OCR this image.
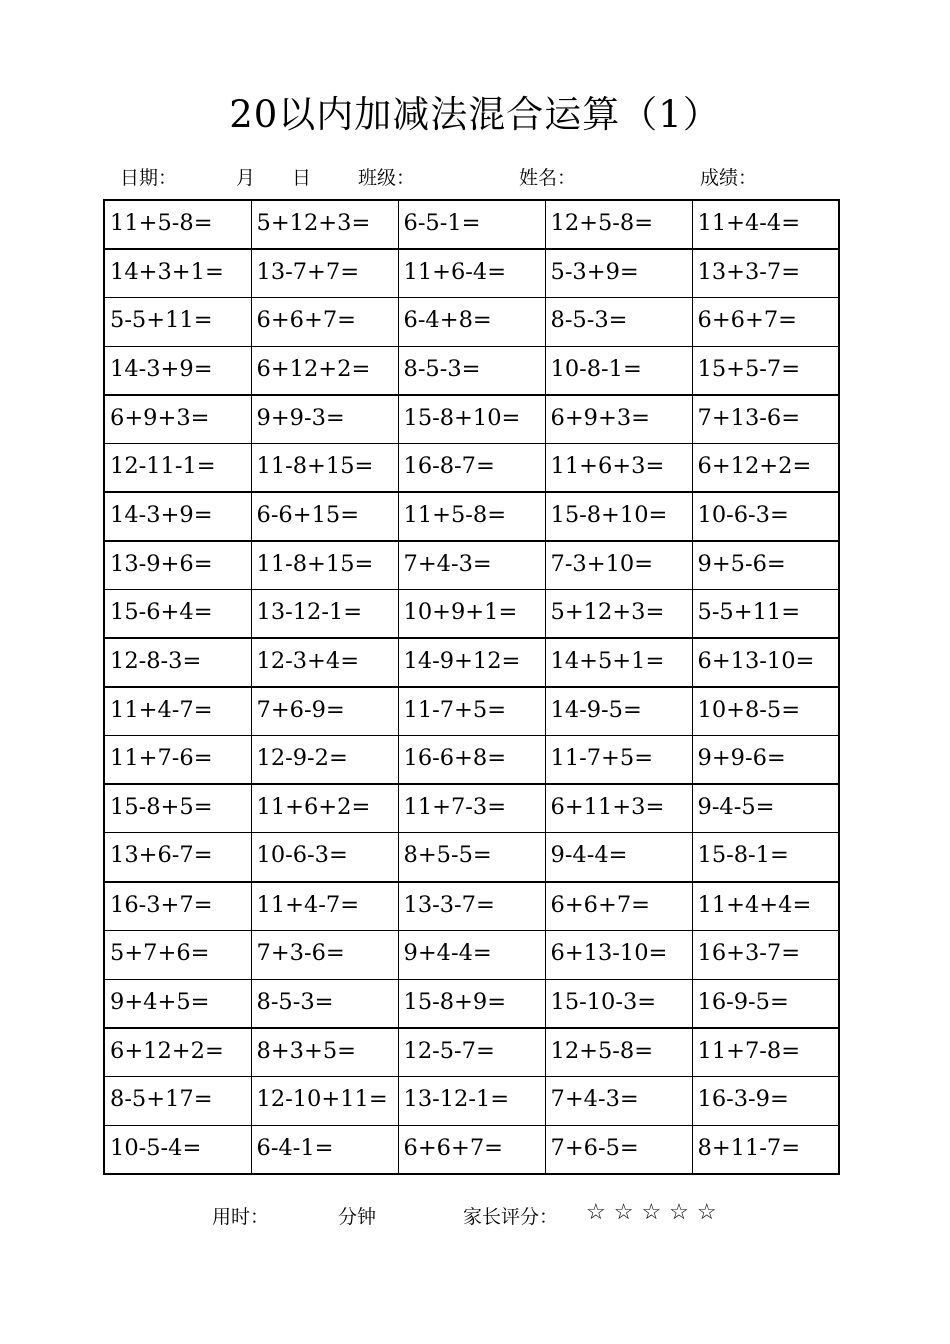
20以内加减法混合运算（1）
日期：	月 日 班级：	姓名：	成绩：
11+5-8=	5+12+3=	6-5-1=	12+5-8=	11+4-4=
14+3+1=	13-7+7=	11+6-4=	5-3+9=	13+3-7=
5-5+11=	6+6+7=	6-4+8=	8-5-3=	6+6+7=
14-3+9=	6+12+2=	8-5-3=	10-8-1=	15+5-7=
6+9+3=	9+9-3=	15-8+10=	6+9+3=	7+13-6=
12-11-1=	11-8+15=	16-8-7=	11+6+3=	6+12+2=
14-3+9=	6-6+15=	11+5-8=	15-8+10=	10-6-3=
13-9+6=	11-8+15=	7+4-3=	7-3+10=	9+5-6=
15-6+4=	13-12-1=	10+9+1=	5+12+3=	5-5+11=
12-8-3=	12-3+4=	14-9+12=	14+5+1=	6+13-10=
11+4-7=	7+6-9=	11-7+5=	14-9-5=	10+8-5=
11+7-6=	12-9-2=	16-6+8=	11-7+5=	9+9-6=
15-8+5=	11+6+2=	11+7-3=	6+11+3=	9-4-5=
13+6-7=	10-6-3=	8+5-5=	9-4-4=	15-8-1=
16-3+7=	11+4-7=	13-3-7=	6+6+7=	11+4+4=
5+7+6=	7+3-6=	9+4-4=	6+13-10=	16+3-7=
9+4+5=	8-5-3=	15-8+9=	15-10-3=	16-9-5=
6+12+2=	8+3+5=	12-5-7=	12+5-8=	11+7-8=
8-5+17=	12-10+11=	13-12-1=	7+4-3=	16-3-9=
10-5-4=	6-4-1=	6+6+7=	7+6-5=	8+11-7=
用时：	分钟	家长评分： ☆☆☆☆☆
